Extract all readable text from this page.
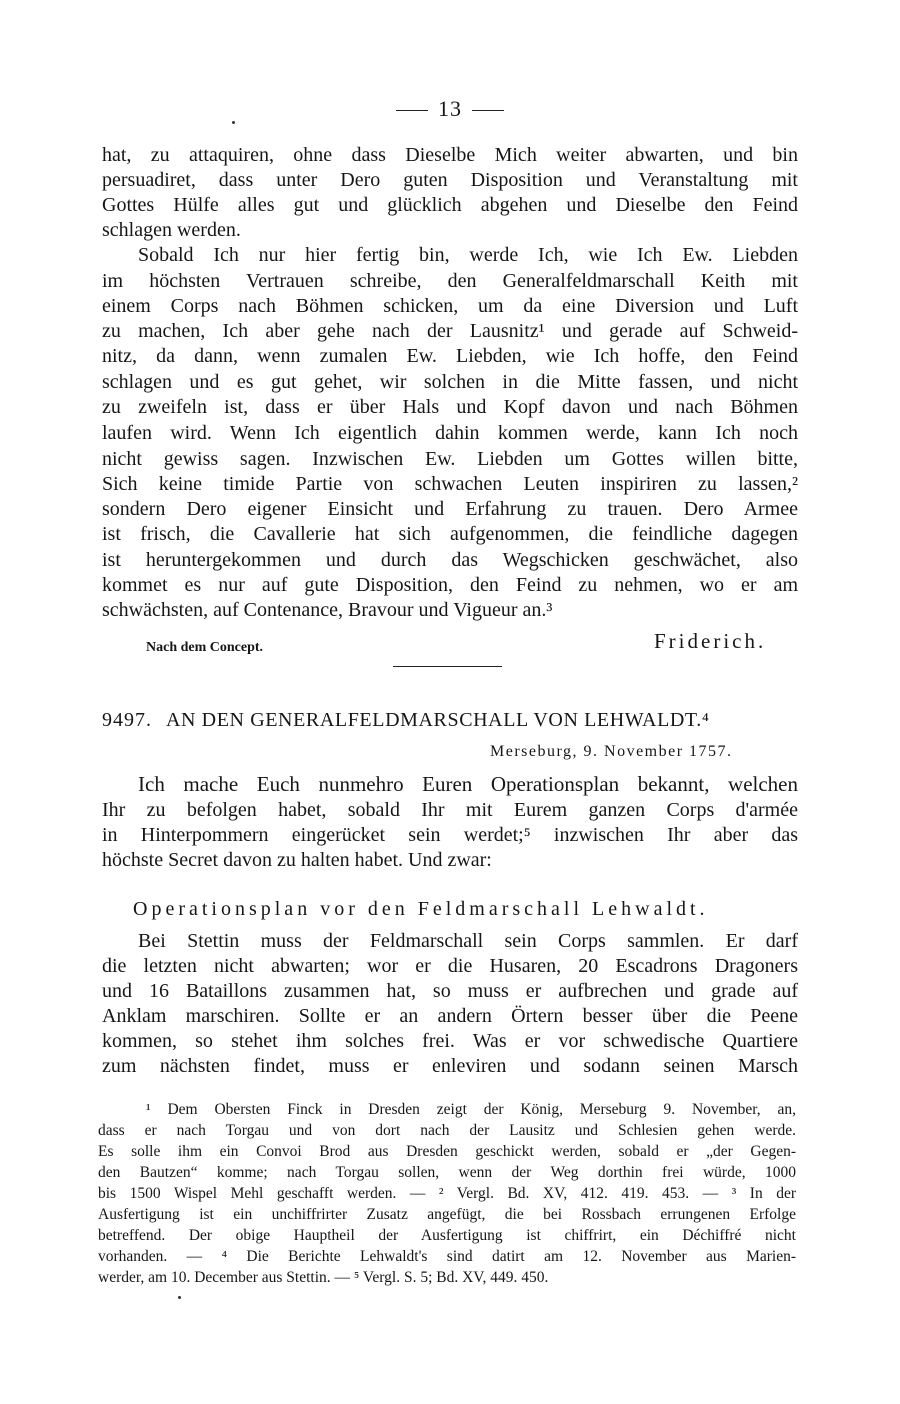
13
hat, zu attaquiren, ohne dass Dieselbe Mich weiter abwarten, und bin
persuadiret, dass unter Dero guten Disposition und Veranstaltung mit
Gottes Hülfe alles gut und glücklich abgehen und Dieselbe den Feind
schlagen werden.
Sobald Ich nur hier fertig bin, werde Ich, wie Ich Ew. Liebden
im höchsten Vertrauen schreibe, den Generalfeldmarschall Keith mit
einem Corps nach Böhmen schicken, um da eine Diversion und Luft
zu machen, Ich aber gehe nach der Lausnitz¹ und gerade auf Schweid-
nitz, da dann, wenn zumalen Ew. Liebden, wie Ich hoffe, den Feind
schlagen und es gut gehet, wir solchen in die Mitte fassen, und nicht
zu zweifeln ist, dass er über Hals und Kopf davon und nach Böhmen
laufen wird. Wenn Ich eigentlich dahin kommen werde, kann Ich noch
nicht gewiss sagen. Inzwischen Ew. Liebden um Gottes willen bitte,
Sich keine timide Partie von schwachen Leuten inspiriren zu lassen,²
sondern Dero eigener Einsicht und Erfahrung zu trauen. Dero Armee
ist frisch, die Cavallerie hat sich aufgenommen, die feindliche dagegen
ist heruntergekommen und durch das Wegschicken geschwächet, also
kommet es nur auf gute Disposition, den Feind zu nehmen, wo er am
schwächsten, auf Contenance, Bravour und Vigueur an.³
Nach dem Concept.	Friderich.
9497. AN DEN GENERALFELDMARSCHALL VON LEHWALDT.⁴
Merseburg, 9. November 1757.
Ich mache Euch nunmehro Euren Operationsplan bekannt, welchen
Ihr zu befolgen habet, sobald Ihr mit Eurem ganzen Corps d'armée
in Hinterpommern eingerücket sein werdet;⁵ inzwischen Ihr aber das
höchste Secret davon zu halten habet. Und zwar:
Operationsplan vor den Feldmarschall Lehwaldt.
Bei Stettin muss der Feldmarschall sein Corps sammlen. Er darf
die letzten nicht abwarten; wor er die Husaren, 20 Escadrons Dragoners
und 16 Bataillons zusammen hat, so muss er aufbrechen und grade auf
Anklam marschiren. Sollte er an andern Örtern besser über die Peene
kommen, so stehet ihm solches frei. Was er vor schwedische Quartiere
zum nächsten findet, muss er enleviren und sodann seinen Marsch
¹ Dem Obersten Finck in Dresden zeigt der König, Merseburg 9. November, an,
dass er nach Torgau und von dort nach der Lausitz und Schlesien gehen werde.
Es solle ihm ein Convoi Brod aus Dresden geschickt werden, sobald er „der Gegen-
den Bautzen“ komme; nach Torgau sollen, wenn der Weg dorthin frei würde, 1000
bis 1500 Wispel Mehl geschafft werden. — ² Vergl. Bd. XV, 412. 419. 453. — ³ In der
Ausfertigung ist ein unchiffrirter Zusatz angefügt, die bei Rossbach errungenen Erfolge
betreffend. Der obige Hauptheil der Ausfertigung ist chiffrirt, ein Déchiffré nicht
vorhanden. — ⁴ Die Berichte Lehwaldt's sind datirt am 12. November aus Marien-
werder, am 10. December aus Stettin. — ⁵ Vergl. S. 5; Bd. XV, 449. 450.
